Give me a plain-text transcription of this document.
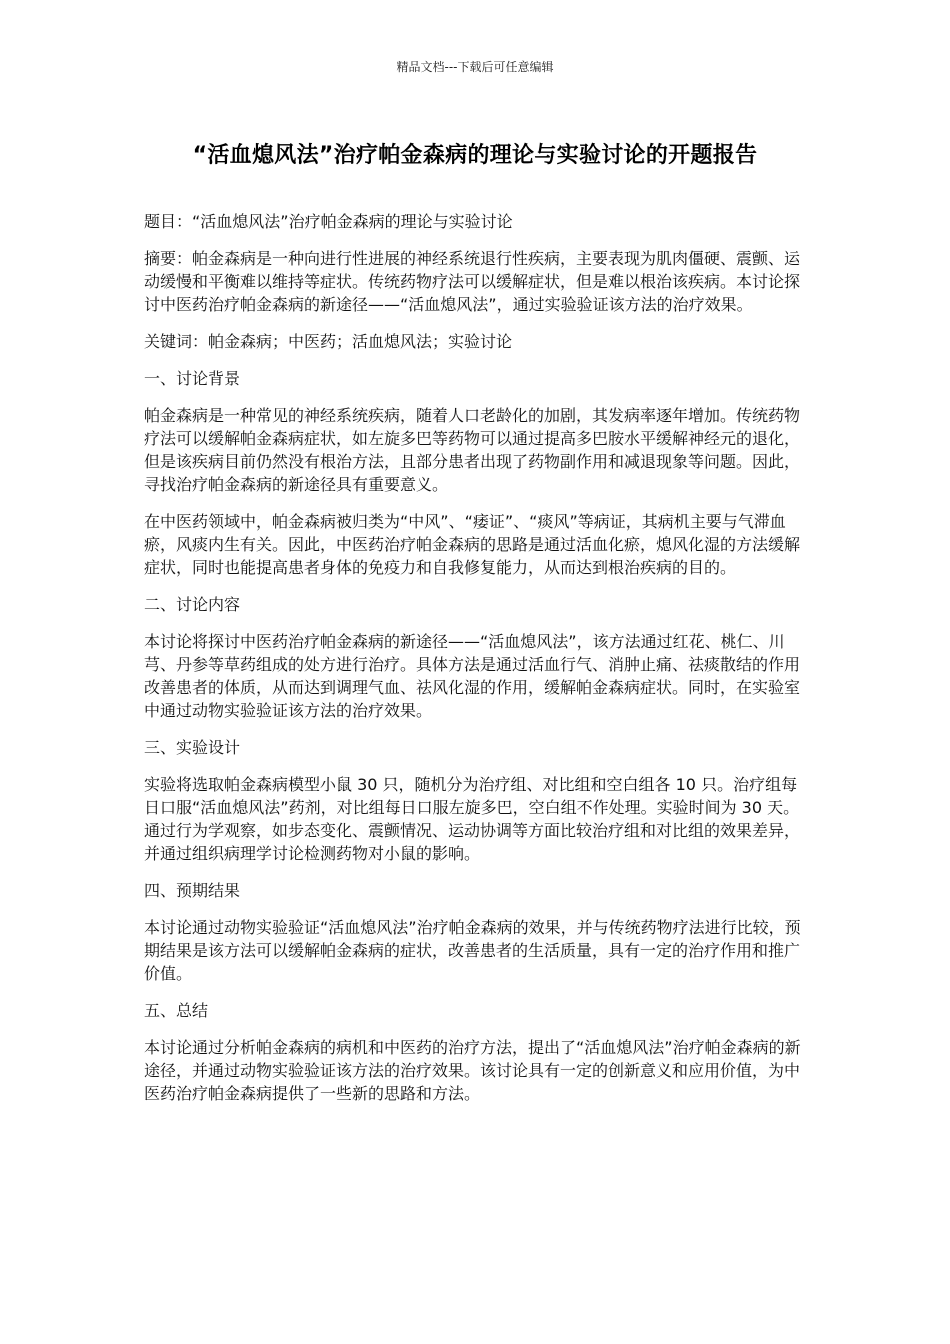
精品文档---下载后可任意编辑
“活血熄风法”治疗帕金森病的理论与实验讨论的开题报告

题目：“活血熄风法”治疗帕金森病的理论与实验讨论

摘要：帕金森病是一种向进行性进展的神经系统退行性疾病，主要表现为肌肉僵硬、震颤、运动缓慢和平衡难以维持等症状。传统药物疗法可以缓解症状，但是难以根治该疾病。本讨论探讨中医药治疗帕金森病的新途径——“活血熄风法”，通过实验验证该方法的治疗效果。

关键词：帕金森病；中医药；活血熄风法；实验讨论

一、讨论背景

帕金森病是一种常见的神经系统疾病，随着人口老龄化的加剧，其发病率逐年增加。传统药物疗法可以缓解帕金森病症状，如左旋多巴等药物可以通过提高多巴胺水平缓解神经元的退化，但是该疾病目前仍然没有根治方法，且部分患者出现了药物副作用和减退现象等问题。因此，寻找治疗帕金森病的新途径具有重要意义。

在中医药领域中，帕金森病被归类为“中风”、“痿证”、“痰风”等病证，其病机主要与气滞血瘀，风痰内生有关。因此，中医药治疗帕金森病的思路是通过活血化瘀，熄风化湿的方法缓解症状，同时也能提高患者身体的免疫力和自我修复能力，从而达到根治疾病的目的。

二、讨论内容

本讨论将探讨中医药治疗帕金森病的新途径——“活血熄风法”，该方法通过红花、桃仁、川芎、丹参等草药组成的处方进行治疗。具体方法是通过活血行气、消肿止痛、祛痰散结的作用改善患者的体质，从而达到调理气血、祛风化湿的作用，缓解帕金森病症状。同时，在实验室中通过动物实验验证该方法的治疗效果。

三、实验设计

实验将选取帕金森病模型小鼠 30 只，随机分为治疗组、对比组和空白组各 10 只。治疗组每日口服“活血熄风法”药剂，对比组每日口服左旋多巴，空白组不作处理。实验时间为 30 天。通过行为学观察，如步态变化、震颤情况、运动协调等方面比较治疗组和对比组的效果差异，并通过组织病理学讨论检测药物对小鼠的影响。

四、预期结果

本讨论通过动物实验验证“活血熄风法”治疗帕金森病的效果，并与传统药物疗法进行比较，预期结果是该方法可以缓解帕金森病的症状，改善患者的生活质量，具有一定的治疗作用和推广价值。

五、总结

本讨论通过分析帕金森病的病机和中医药的治疗方法，提出了“活血熄风法”治疗帕金森病的新途径，并通过动物实验验证该方法的治疗效果。该讨论具有一定的创新意义和应用价值，为中医药治疗帕金森病提供了一些新的思路和方法。
